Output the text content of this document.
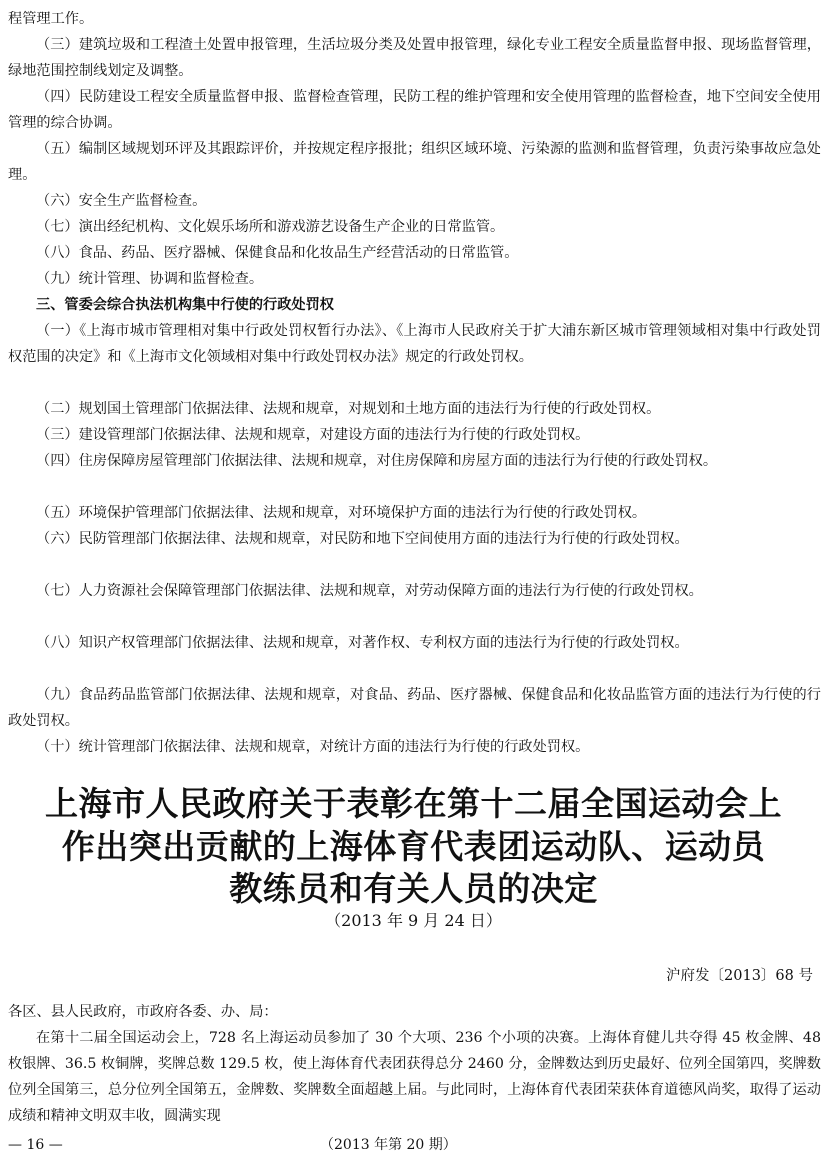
程管理工作。

（三）建筑垃圾和工程渣土处置申报管理，生活垃圾分类及处置申报管理，绿化专业工程安全质量监督申报、现场监督管理，绿地范围控制线划定及调整。

（四）民防建设工程安全质量监督申报、监督检查管理，民防工程的维护管理和安全使用管理的监督检查，地下空间安全使用管理的综合协调。

（五）编制区域规划环评及其跟踪评价，并按规定程序报批；组织区域环境、污染源的监测和监督管理，负责污染事故应急处理。

（六）安全生产监督检查。

（七）演出经纪机构、文化娱乐场所和游戏游艺设备生产企业的日常监管。

（八）食品、药品、医疗器械、保健食品和化妆品生产经营活动的日常监管。

（九）统计管理、协调和监督检查。

三、管委会综合执法机构集中行使的行政处罚权

（一）《上海市城市管理相对集中行政处罚权暂行办法》、《上海市人民政府关于扩大浦东新区城市管理领域相对集中行政处罚权范围的决定》和《上海市文化领域相对集中行政处罚权办法》规定的行政处罚权。

（二）规划国土管理部门依据法律、法规和规章，对规划和土地方面的违法行为行使的行政处罚权。

（三）建设管理部门依据法律、法规和规章，对建设方面的违法行为行使的行政处罚权。

（四）住房保障房屋管理部门依据法律、法规和规章，对住房保障和房屋方面的违法行为行使的行政处罚权。

（五）环境保护管理部门依据法律、法规和规章，对环境保护方面的违法行为行使的行政处罚权。

（六）民防管理部门依据法律、法规和规章，对民防和地下空间使用方面的违法行为行使的行政处罚权。

（七）人力资源社会保障管理部门依据法律、法规和规章，对劳动保障方面的违法行为行使的行政处罚权。

（八）知识产权管理部门依据法律、法规和规章，对著作权、专利权方面的违法行为行使的行政处罚权。

（九）食品药品监管部门依据法律、法规和规章，对食品、药品、医疗器械、保健食品和化妆品监管方面的违法行为行使的行政处罚权。

（十）统计管理部门依据法律、法规和规章，对统计方面的违法行为行使的行政处罚权。

上海市人民政府关于表彰在第十二届全国运动会上
作出突出贡献的上海体育代表团运动队、运动员
教练员和有关人员的决定

（2013 年 9 月 24 日）

沪府发〔2013〕68 号

各区、县人民政府，市政府各委、办、局：

在第十二届全国运动会上，728 名上海运动员参加了 30 个大项、236 个小项的决赛。上海体育健儿共夺得 45 枚金牌、48 枚银牌、36.5 枚铜牌，奖牌总数 129.5 枚，使上海体育代表团获得总分 2460 分，金牌数达到历史最好、位列全国第四，奖牌数位列全国第三，总分位列全国第五，金牌数、奖牌数全面超越上届。与此同时，上海体育代表团荣获体育道德风尚奖，取得了运动成绩和精神文明双丰收，圆满实现

— 16 —	（2013 年第 20 期）
